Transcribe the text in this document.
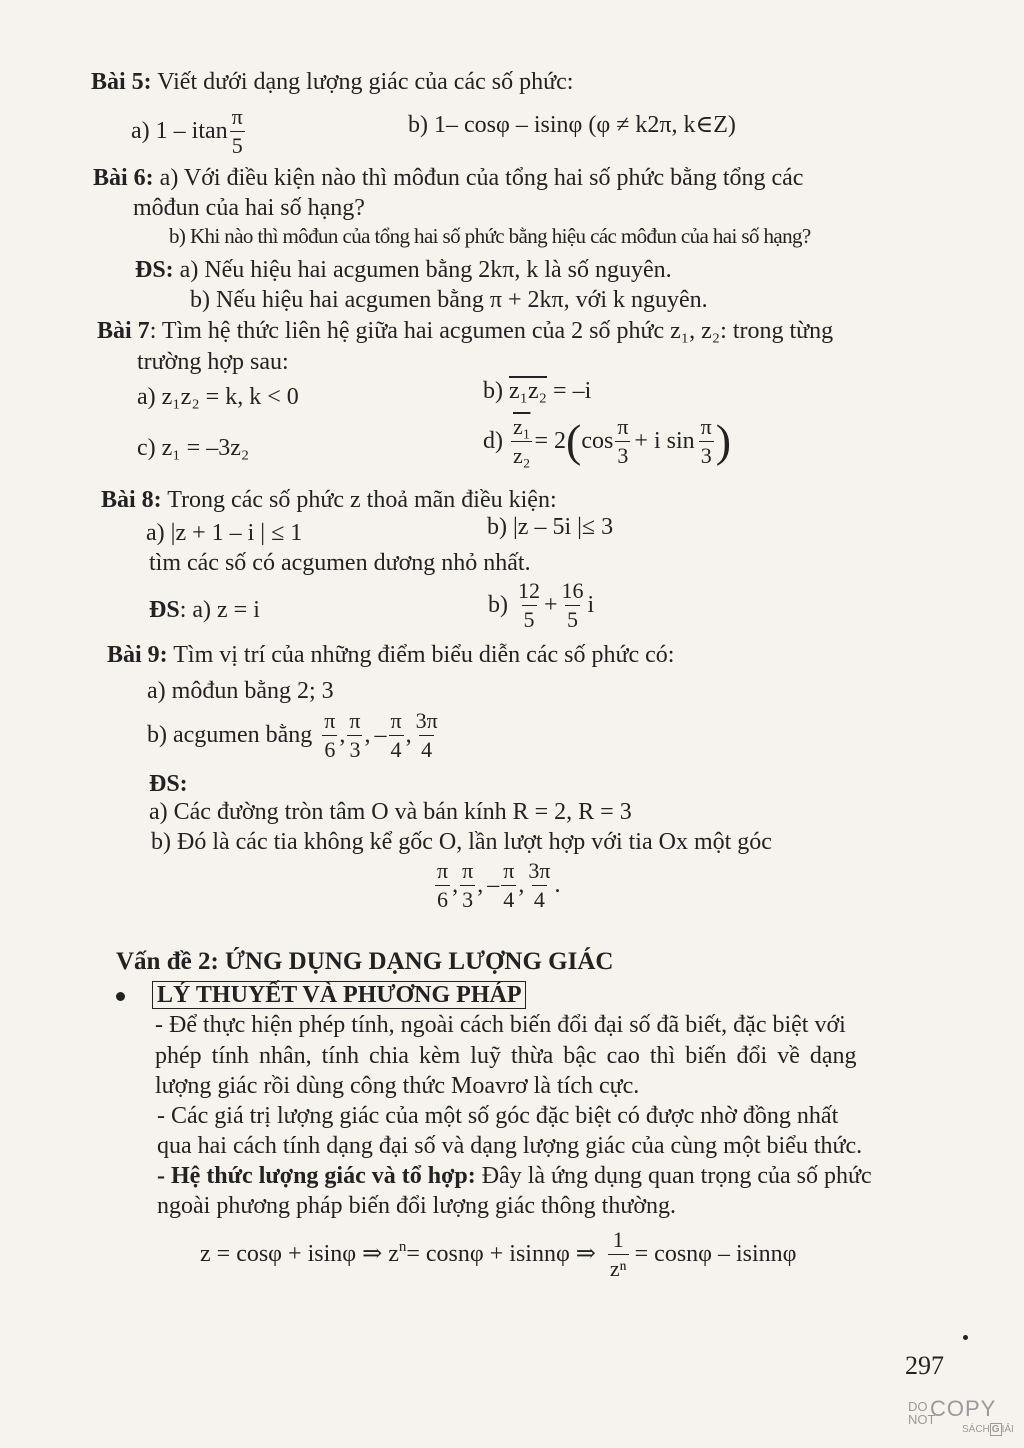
Bài 5: Viết dưới dạng lượng giác của các số phức:
a) 1 – itan $\frac{\pi}{5}$	b) 1– cosφ – isinφ (φ ≠ k2π, k∈Z)
Bài 6: a) Với điều kiện nào thì môđun của tổng hai số phức bằng tổng các
môđun của hai số hạng?
b) Khi nào thì môđun của tổng hai số phức bằng hiệu các môđun của hai số hạng?
ĐS: a) Nếu hiệu hai acgumen bằng 2kπ, k là số nguyên.
b) Nếu hiệu hai acgumen bằng π + 2kπ, với k nguyên.
Bài 7: Tìm hệ thức liên hệ giữa hai acgumen của 2 số phức z₁, z₂: trong từng
trường hợp sau:
a) z₁z₂ = k, k < 0	b) z₁z₂ = –i
c) z₁ = –3z₂	$d) \frac{\text{z₁}}{\text{z₂}} = 2$ ( $\cos \frac{\pi}{3} + i$ $\sin \frac{\pi}{3}$ )
Bài 8: Trong các số phức z thoả mãn điều kiện:
a) |z + 1 – i | ≤ 1	b) |z – 5i |≤ 3
tìm các số có acgumen dương nhỏ nhất.
ĐS: a) z = i	$b) \frac{12}{5} + \frac{16}{5}$ i
Bài 9: Tìm vị trí của những điểm biểu diễn các số phức có:
a) môđun bằng 2; 3
b) acgumen bằng $\frac{\pi}{6}$ , $\frac{\pi}{3}$ , – $\frac{\pi}{4}$ , $\frac{3\pi}{4}$
ĐS:
a) Các đường tròn tâm O và bán kính R = 2, R = 3
b) Đó là các tia không kể gốc O, lần lượt hợp với tia Ox một góc
$\frac{\pi}{6}$ , $\frac{\pi}{3}$ , – $\frac{\pi}{4}$ , $\frac{3\pi}{4}$ .
Vấn đề 2: ỨNG DỤNG DẠNG LƯỢNG GIÁC
LÝ THUYẾT VÀ PHƯƠNG PHÁP
- Để thực hiện phép tính, ngoài cách biến đổi đại số đã biết, đặc biệt với
phép tính nhân, tính chia kèm luỹ thừa bậc cao thì biến đổi về dạng
lượng giác rồi dùng công thức Moavrơ là tích cực.
- Các giá trị lượng giác của một số góc đặc biệt có được nhờ đồng nhất
qua hai cách tính dạng đại số và dạng lượng giác của cùng một biểu thức.
- Hệ thức lượng giác và tổ hợp: Đây là ứng dụng quan trọng của số phức
ngoài phương pháp biến đổi lượng giác thông thường.
z = cosφ + isinφ ⇒ $z^n = \cos n\varphi + isinn\varphi$ ⇒ $\frac{1}{\text{zⁿ}} = \cos n\varphi - isinn\varphi$
297
DO
NOT
COPY
SÁCH G IẢI
